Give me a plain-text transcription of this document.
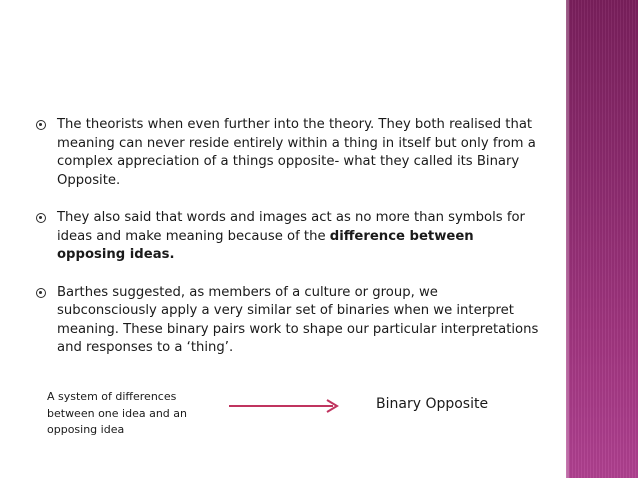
The theorists when even further into the theory. They both realised that meaning can never reside entirely within a thing in itself but only from a complex appreciation of a things opposite- what they called its Binary Opposite.
They also said that words and images act as no more than symbols for ideas and make meaning because of the difference between opposing ideas.
Barthes suggested, as members of a culture or group, we subconsciously apply a very similar set of binaries when we interpret meaning. These binary pairs work to shape our particular interpretations and responses to a ‘thing’.
A system of differences between one idea and an opposing idea
Binary Opposite
